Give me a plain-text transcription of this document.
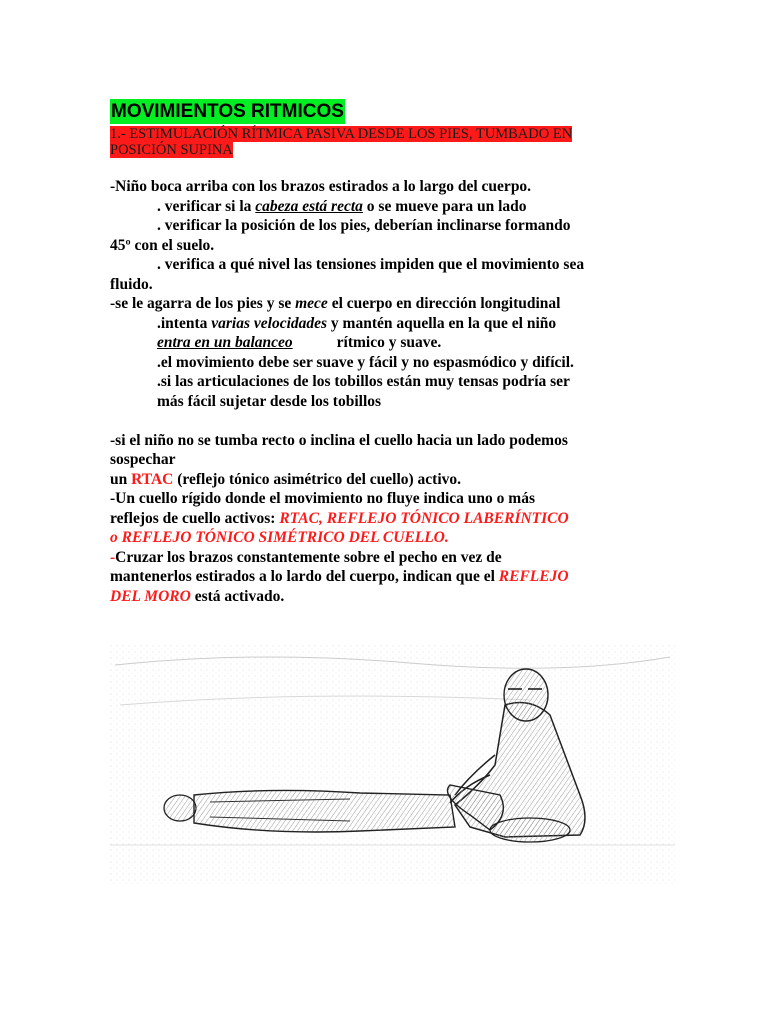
MOVIMIENTOS RITMICOS
1.- ESTIMULACIÓN RÍTMICA PASIVA DESDE LOS PIES, TUMBADO EN POSICIÓN SUPINA

-Niño boca arriba con los brazos estirados a lo largo del cuerpo.

. verificar si la cabeza está recta o se mueve para un lado

. verificar la posición de los pies, deberían inclinarse formando

45º con el suelo.

. verifica a qué nivel las tensiones impiden que el movimiento sea

fluido.

-se le agarra de los pies y se mece el cuerpo en dirección longitudinal

.intenta varias velocidades y mantén aquella en la que el niño

entra en un balanceo	rítmico y suave.

.el movimiento debe ser suave y fácil y no espasmódico y difícil.

.si las articulaciones de los tobillos están muy tensas podría ser

más fácil sujetar desde los tobillos

-si el niño no se tumba recto o inclina el cuello hacia un lado podemos

sospechar

un RTAC (reflejo tónico asimétrico del cuello) activo.

-Un cuello rígido donde el movimiento no fluye indica uno o más

reflejos de cuello activos: RTAC, REFLEJO TÓNICO LABERÍNTICO

o REFLEJO TÓNICO SIMÉTRICO DEL CUELLO.

-Cruzar los brazos constantemente sobre el pecho en vez de

mantenerlos estirados a lo lardo del cuerpo, indican que el REFLEJO

DEL MORO está activado.
